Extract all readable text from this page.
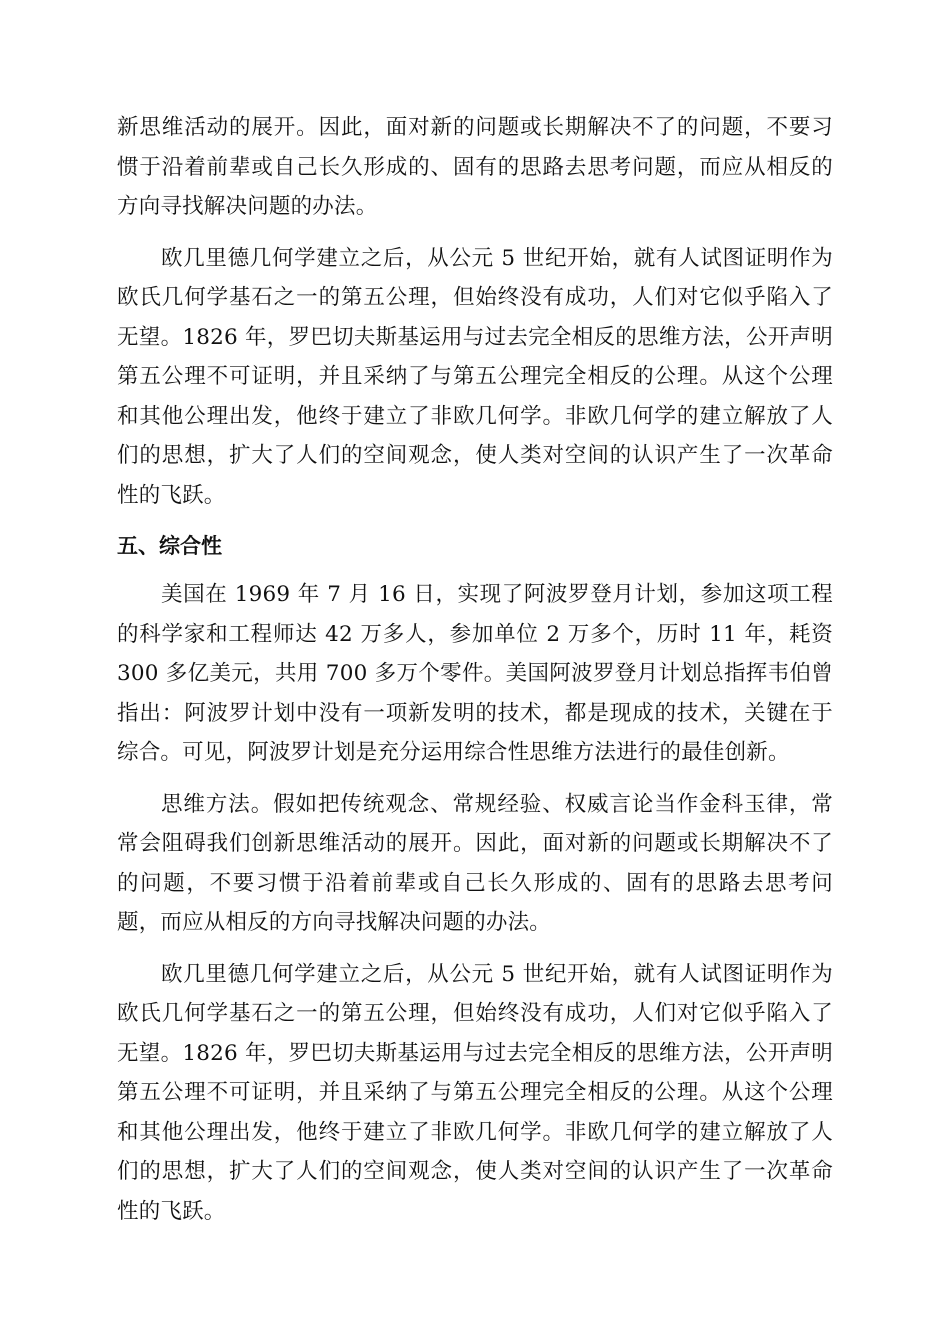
新思维活动的展开。因此，面对新的问题或长期解决不了的问题，不要习惯于沿着前辈或自己长久形成的、固有的思路去思考问题，而应从相反的方向寻找解决问题的办法。

欧几里德几何学建立之后，从公元 5 世纪开始，就有人试图证明作为欧氏几何学基石之一的第五公理，但始终没有成功，人们对它似乎陷入了无望。1826 年，罗巴切夫斯基运用与过去完全相反的思维方法，公开声明第五公理不可证明，并且采纳了与第五公理完全相反的公理。从这个公理和其他公理出发，他终于建立了非欧几何学。非欧几何学的建立解放了人们的思想，扩大了人们的空间观念，使人类对空间的认识产生了一次革命性的飞跃。

五、综合性

美国在 1969 年 7 月 16 日，实现了阿波罗登月计划，参加这项工程的科学家和工程师达 42 万多人，参加单位 2 万多个，历时 11 年，耗资 300 多亿美元，共用 700 多万个零件。美国阿波罗登月计划总指挥韦伯曾指出：阿波罗计划中没有一项新发明的技术，都是现成的技术，关键在于综合。可见，阿波罗计划是充分运用综合性思维方法进行的最佳创新。

思维方法。假如把传统观念、常规经验、权威言论当作金科玉律，常常会阻碍我们创新思维活动的展开。因此，面对新的问题或长期解决不了的问题，不要习惯于沿着前辈或自己长久形成的、固有的思路去思考问题，而应从相反的方向寻找解决问题的办法。

欧几里德几何学建立之后，从公元 5 世纪开始，就有人试图证明作为欧氏几何学基石之一的第五公理，但始终没有成功，人们对它似乎陷入了无望。1826 年，罗巴切夫斯基运用与过去完全相反的思维方法，公开声明第五公理不可证明，并且采纳了与第五公理完全相反的公理。从这个公理和其他公理出发，他终于建立了非欧几何学。非欧几何学的建立解放了人们的思想，扩大了人们的空间观念，使人类对空间的认识产生了一次革命性的飞跃。
